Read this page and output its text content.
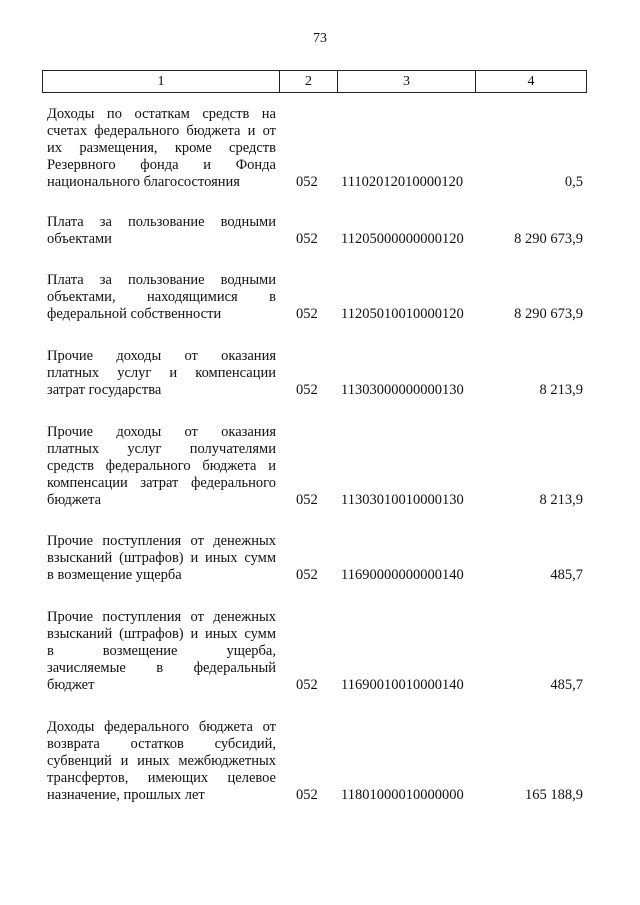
73
1	2	3	4
Доходы по остаткам средств на
счетах федерального бюджета и от
их размещения, кроме средств
Резервного фонда и Фонда
национального благосостояния	052	11102012010000120	0,5
Плата за пользование водными
объектами	052	11205000000000120	8 290 673,9
Плата за пользование водными
объектами, находящимися в
федеральной собственности	052	11205010010000120	8 290 673,9
Прочие доходы от оказания
платных услуг и компенсации
затрат государства	052	11303000000000130	8 213,9
Прочие доходы от оказания
платных услуг получателями
средств федерального бюджета и
компенсации затрат федерального
бюджета	052	11303010010000130	8 213,9
Прочие поступления от денежных
взысканий (штрафов) и иных сумм
в возмещение ущерба	052	11690000000000140	485,7
Прочие поступления от денежных
взысканий (штрафов) и иных сумм
в возмещение ущерба,
зачисляемые в федеральный
бюджет	052	11690010010000140	485,7
Доходы федерального бюджета от
возврата остатков субсидий,
субвенций и иных межбюджетных
трансфертов, имеющих целевое
назначение, прошлых лет	052	11801000010000000	165 188,9
